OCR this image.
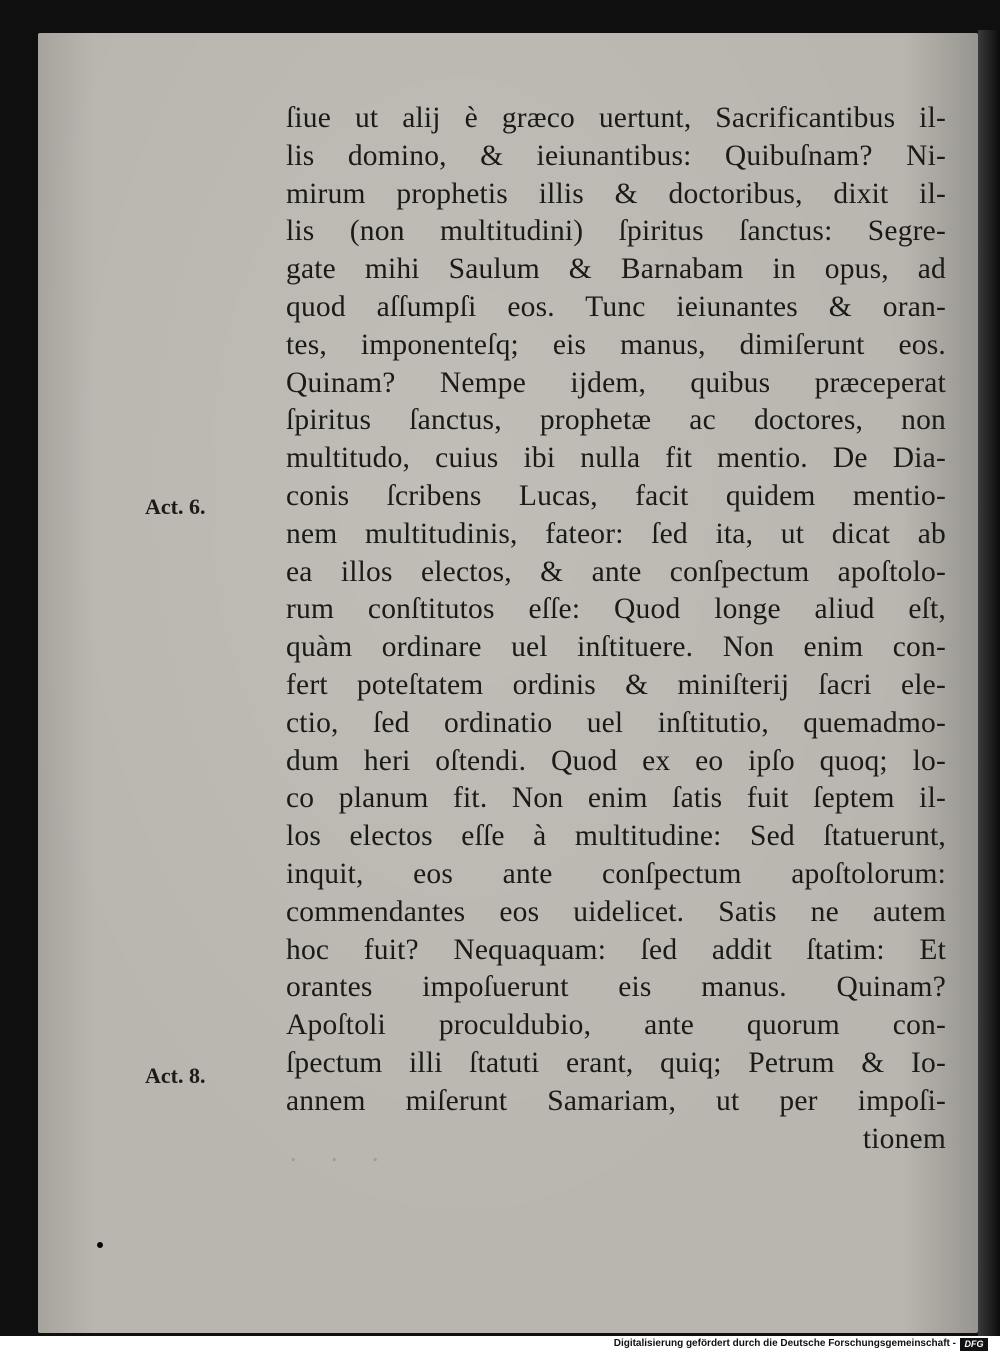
ſiue ut alij è græco uertunt, Sacrificantibus il-
lis domino, & ieiunantibus: Quibuſnam? Ni-
mirum prophetis illis & doctoribus, dixit il-
lis (non multitudini) ſpiritus ſanctus: Segre-
gate mihi Saulum & Barnabam in opus, ad
quod aſſumpſi eos. Tunc ieiunantes & oran-
tes, imponenteſq; eis manus, dimiſerunt eos.
Quinam? Nempe ijdem, quibus præceperat
ſpiritus ſanctus, prophetæ ac doctores, non
multitudo, cuius ibi nulla fit mentio. De Dia-
conis ſcribens Lucas, facit quidem mentio-
nem multitudinis, fateor: ſed ita, ut dicat ab
ea illos electos, & ante conſpectum apoſtolo-
rum conſtitutos eſſe: Quod longe aliud eſt,
quàm ordinare uel inſtituere. Non enim con-
fert poteſtatem ordinis & miniſterij ſacri ele-
ctio, ſed ordinatio uel inſtitutio, quemadmo-
dum heri oſtendi. Quod ex eo ipſo quoq; lo-
co planum fit. Non enim ſatis fuit ſeptem il-
los electos eſſe à multitudine: Sed ſtatuerunt,
inquit, eos ante conſpectum apoſtolorum:
commendantes eos uidelicet. Satis ne autem
hoc fuit? Nequaquam: ſed addit ſtatim: Et
orantes impoſuerunt eis manus. Quinam?
Apoſtoli proculdubio, ante quorum con-
ſpectum illi ſtatuti erant, quiq; Petrum & Io-
annem miſerunt Samariam, ut per impoſi-
tionem
Act. 6.
Act. 8.
. . .
Digitalisierung gefördert durch die Deutsche Forschungsgemeinschaft - DFG
